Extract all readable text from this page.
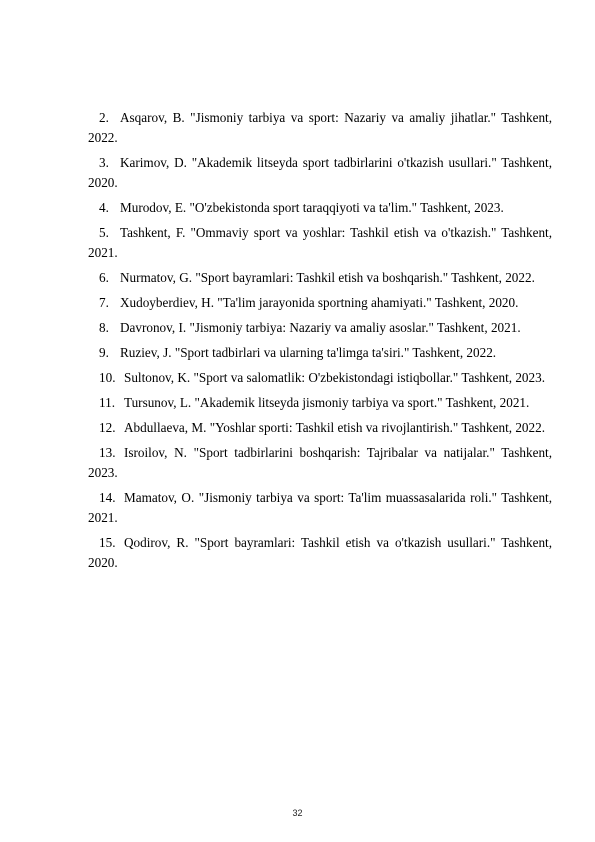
2. Asqarov, B. "Jismoniy tarbiya va sport: Nazariy va amaliy jihatlar." Tashkent, 2022.
3. Karimov, D. "Akademik litseyda sport tadbirlarini o'tkazish usullari." Tashkent, 2020.
4. Murodov, E. "O'zbekistonda sport taraqqiyoti va ta'lim." Tashkent, 2023.
5. Tashkent, F. "Ommaviy sport va yoshlar: Tashkil etish va o'tkazish." Tashkent, 2021.
6. Nurmatov, G. "Sport bayramlari: Tashkil etish va boshqarish." Tashkent, 2022.
7. Xudoyberdiev, H. "Ta'lim jarayonida sportning ahamiyati." Tashkent, 2020.
8. Davronov, I. "Jismoniy tarbiya: Nazariy va amaliy asoslar." Tashkent, 2021.
9. Ruziev, J. "Sport tadbirlari va ularning ta'limga ta'siri." Tashkent, 2022.
10. Sultonov, K. "Sport va salomatlik: O'zbekistondagi istiqbollar." Tashkent, 2023.
11. Tursunov, L. "Akademik litseyda jismoniy tarbiya va sport." Tashkent, 2021.
12. Abdullaeva, M. "Yoshlar sporti: Tashkil etish va rivojlantirish." Tashkent, 2022.
13. Isroilov, N. "Sport tadbirlarini boshqarish: Tajribalar va natijalar." Tashkent, 2023.
14. Mamatov, O. "Jismoniy tarbiya va sport: Ta'lim muassasalarida roli." Tashkent, 2021.
15. Qodirov, R. "Sport bayramlari: Tashkil etish va o'tkazish usullari." Tashkent, 2020.
32
